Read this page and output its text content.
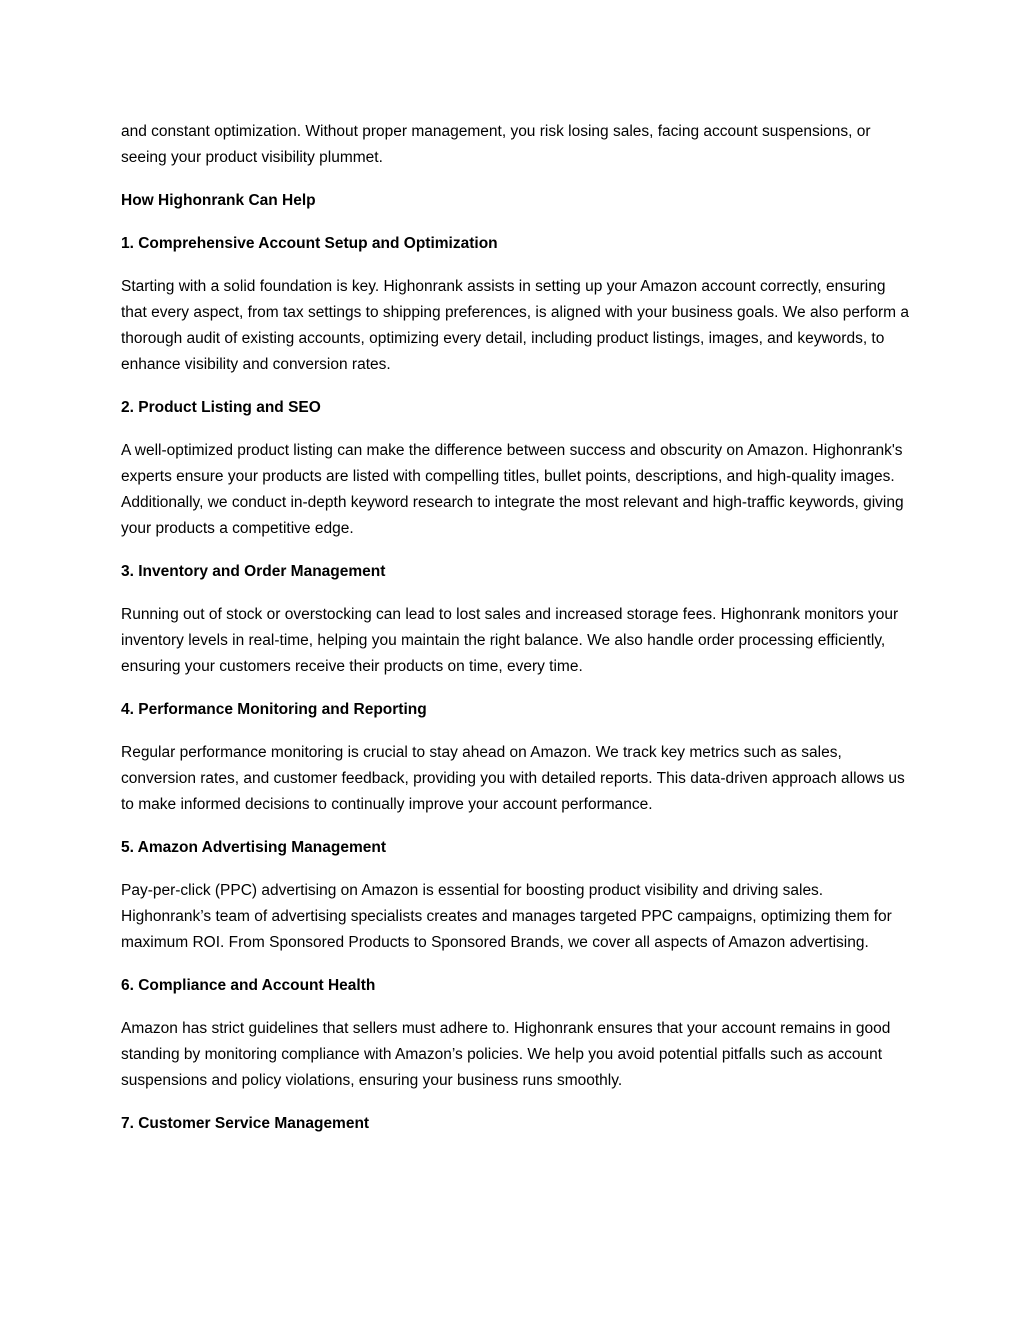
and constant optimization. Without proper management, you risk losing sales, facing account suspensions, or seeing your product visibility plummet.

How Highonrank Can Help
1. Comprehensive Account Setup and Optimization

Starting with a solid foundation is key. Highonrank assists in setting up your Amazon account correctly, ensuring that every aspect, from tax settings to shipping preferences, is aligned with your business goals. We also perform a thorough audit of existing accounts, optimizing every detail, including product listings, images, and keywords, to enhance visibility and conversion rates.

2. Product Listing and SEO

A well-optimized product listing can make the difference between success and obscurity on Amazon. Highonrank's experts ensure your products are listed with compelling titles, bullet points, descriptions, and high-quality images. Additionally, we conduct in-depth keyword research to integrate the most relevant and high-traffic keywords, giving your products a competitive edge.

3. Inventory and Order Management

Running out of stock or overstocking can lead to lost sales and increased storage fees. Highonrank monitors your inventory levels in real-time, helping you maintain the right balance. We also handle order processing efficiently, ensuring your customers receive their products on time, every time.

4. Performance Monitoring and Reporting

Regular performance monitoring is crucial to stay ahead on Amazon. We track key metrics such as sales, conversion rates, and customer feedback, providing you with detailed reports. This data-driven approach allows us to make informed decisions to continually improve your account performance.

5. Amazon Advertising Management

Pay-per-click (PPC) advertising on Amazon is essential for boosting product visibility and driving sales. Highonrank’s team of advertising specialists creates and manages targeted PPC campaigns, optimizing them for maximum ROI. From Sponsored Products to Sponsored Brands, we cover all aspects of Amazon advertising.

6. Compliance and Account Health

Amazon has strict guidelines that sellers must adhere to. Highonrank ensures that your account remains in good standing by monitoring compliance with Amazon’s policies. We help you avoid potential pitfalls such as account suspensions and policy violations, ensuring your business runs smoothly.

7. Customer Service Management
